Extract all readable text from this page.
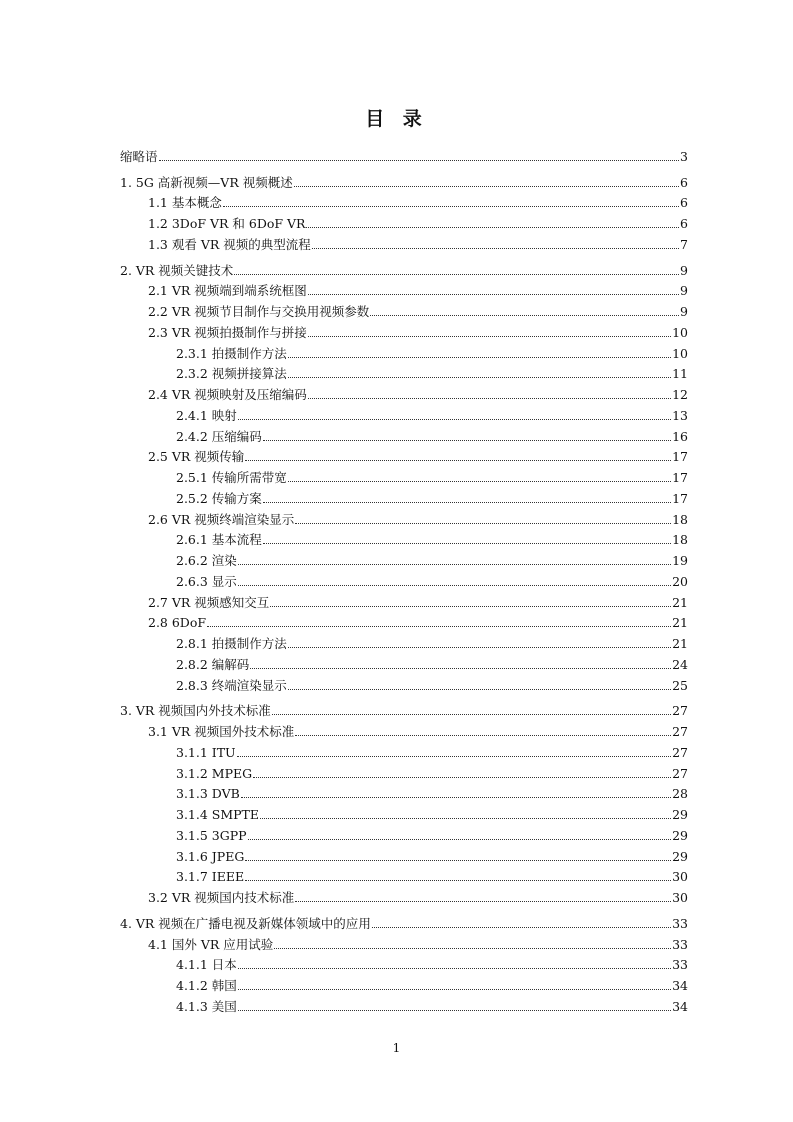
目 录
缩略语	3
1. 5G 高新视频—VR 视频概述	6
1.1 基本概念	6
1.2 3DoF VR 和 6DoF VR	6
1.3 观看 VR 视频的典型流程	7
2. VR 视频关键技术	9
2.1 VR 视频端到端系统框图	9
2.2 VR 视频节目制作与交换用视频参数	9
2.3 VR 视频拍摄制作与拼接	10
2.3.1 拍摄制作方法	10
2.3.2 视频拼接算法	11
2.4 VR 视频映射及压缩编码	12
2.4.1 映射	13
2.4.2 压缩编码	16
2.5 VR 视频传输	17
2.5.1 传输所需带宽	17
2.5.2 传输方案	17
2.6 VR 视频终端渲染显示	18
2.6.1 基本流程	18
2.6.2 渲染	19
2.6.3 显示	20
2.7 VR 视频感知交互	21
2.8 6DoF	21
2.8.1 拍摄制作方法	21
2.8.2 编解码	24
2.8.3 终端渲染显示	25
3. VR 视频国内外技术标准	27
3.1 VR 视频国外技术标准	27
3.1.1 ITU	27
3.1.2 MPEG	27
3.1.3 DVB	28
3.1.4 SMPTE	29
3.1.5 3GPP	29
3.1.6 JPEG	29
3.1.7 IEEE	30
3.2 VR 视频国内技术标准	30
4. VR 视频在广播电视及新媒体领域中的应用	33
4.1 国外 VR 应用试验	33
4.1.1 日本	33
4.1.2 韩国	34
4.1.3 美国	34
1
